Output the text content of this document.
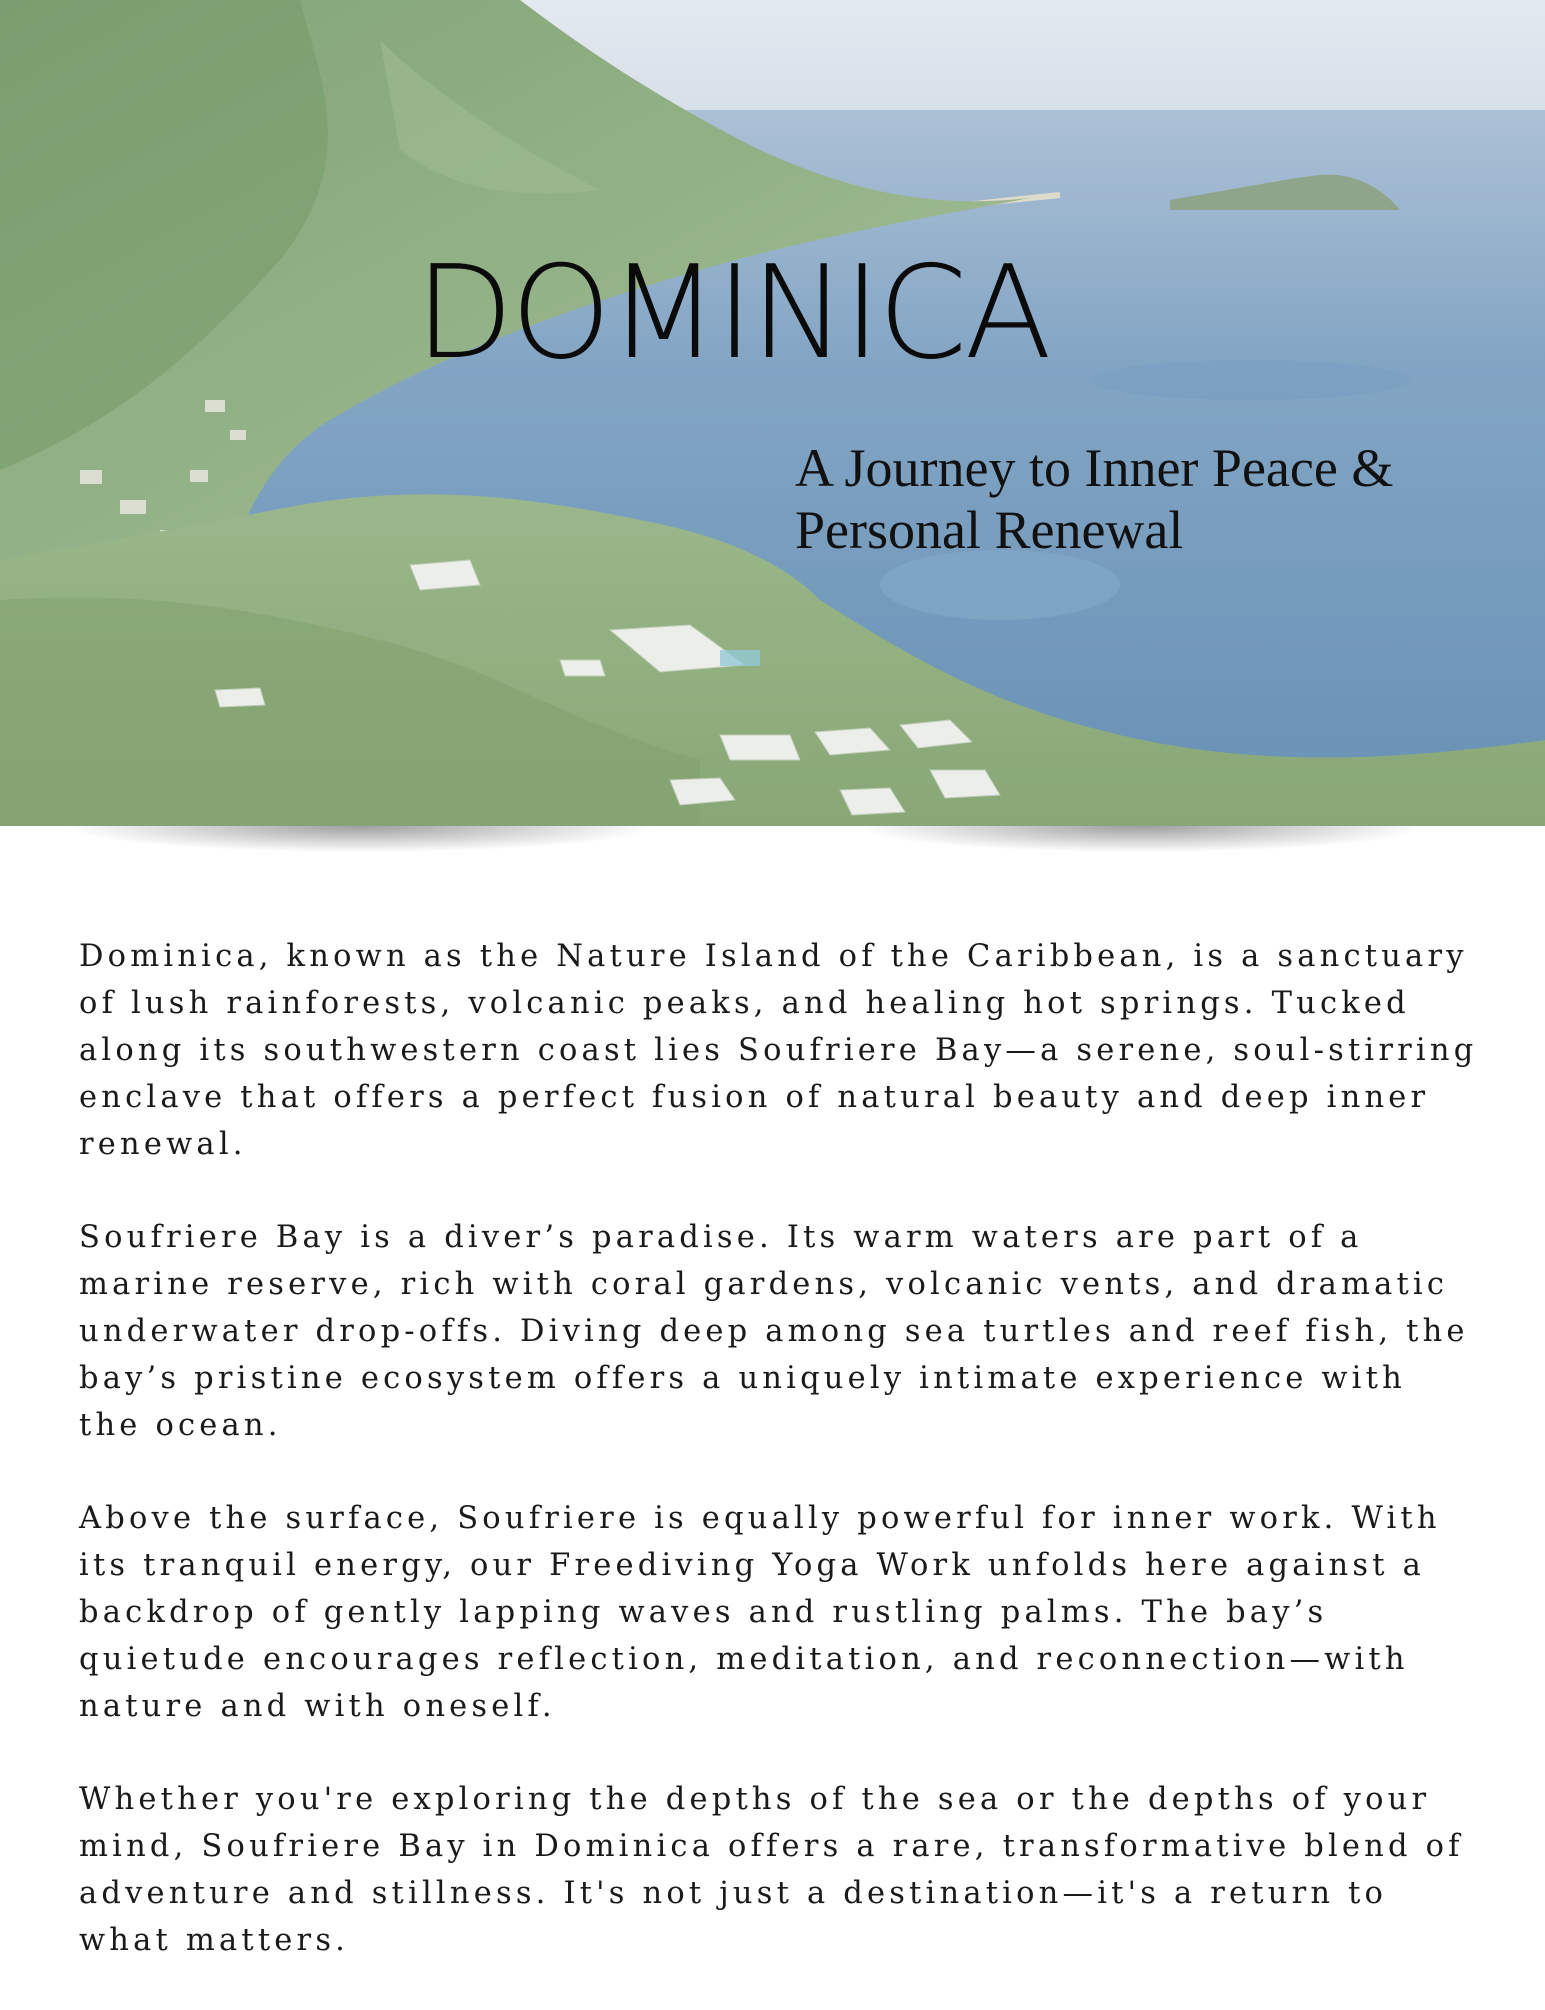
DOMINICA
A Journey to Inner Peace & Personal Renewal

Dominica, known as the Nature Island of the Caribbean, is a sanctuary of lush rainforests, volcanic peaks, and healing hot springs. Tucked along its southwestern coast lies Soufriere Bay—a serene, soul-stirring enclave that offers a perfect fusion of natural beauty and deep inner renewal.

Soufriere Bay is a diver’s paradise. Its warm waters are part of a marine reserve, rich with coral gardens, volcanic vents, and dramatic underwater drop-offs. Diving deep among sea turtles and reef fish, the bay’s pristine ecosystem offers a uniquely intimate experience with the ocean.

Above the surface, Soufriere is equally powerful for inner work. With its tranquil energy, our Freediving Yoga Work unfolds here against a backdrop of gently lapping waves and rustling palms. The bay’s quietude encourages reflection, meditation, and reconnection—with nature and with oneself.

Whether you're exploring the depths of the sea or the depths of your mind, Soufriere Bay in Dominica offers a rare, transformative blend of adventure and stillness. It's not just a destination—it's a return to what matters.
